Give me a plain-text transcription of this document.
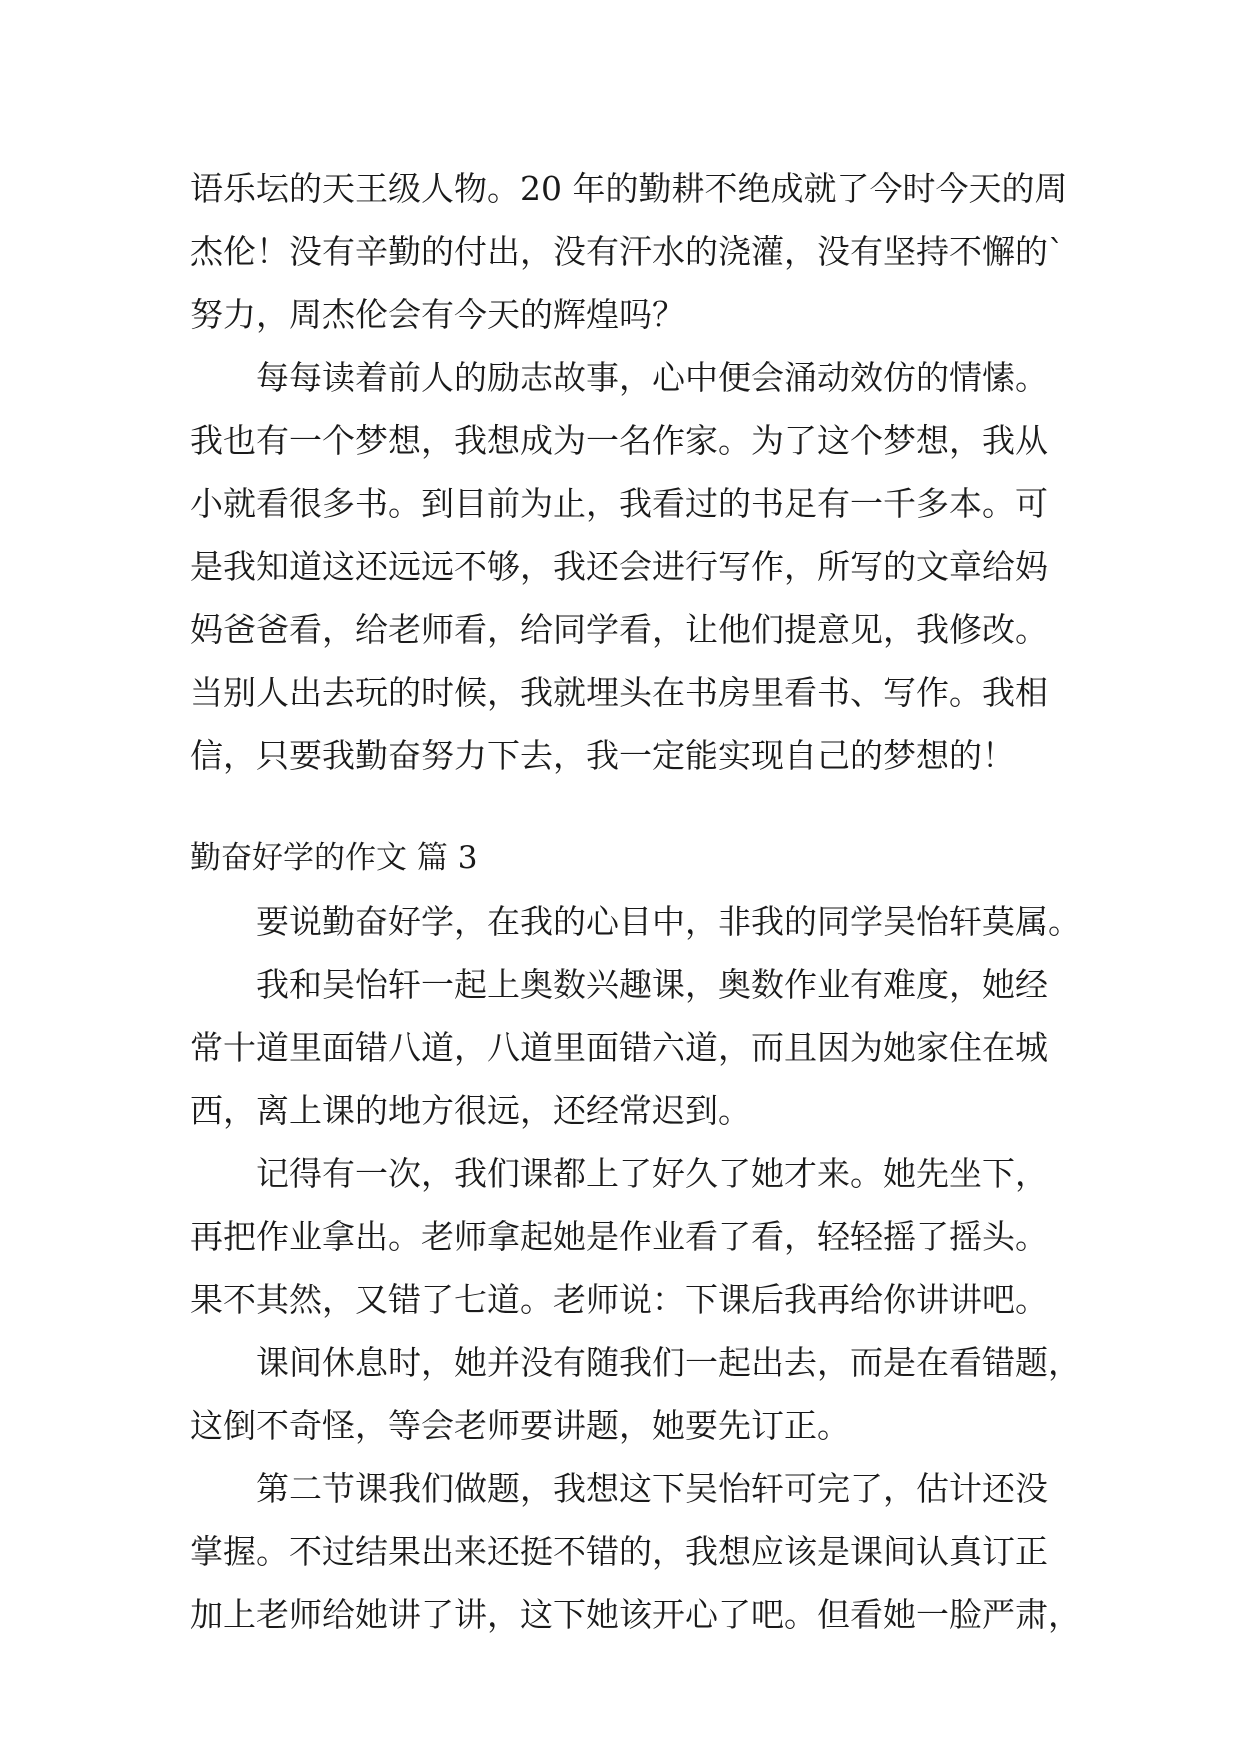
语乐坛的天王级人物。20 年的勤耕不绝成就了今时今天的周
杰伦！没有辛勤的付出，没有汗水的浇灌，没有坚持不懈的`
努力，周杰伦会有今天的辉煌吗？
每每读着前人的励志故事，心中便会涌动效仿的情愫。
我也有一个梦想，我想成为一名作家。为了这个梦想，我从
小就看很多书。到目前为止，我看过的书足有一千多本。可
是我知道这还远远不够，我还会进行写作，所写的文章给妈
妈爸爸看，给老师看，给同学看，让他们提意见，我修改。
当别人出去玩的时候，我就埋头在书房里看书、写作。我相
信，只要我勤奋努力下去，我一定能实现自己的梦想的！
勤奋好学的作文 篇 3
要说勤奋好学，在我的心目中，非我的同学吴怡轩莫属。
我和吴怡轩一起上奥数兴趣课，奥数作业有难度，她经
常十道里面错八道，八道里面错六道，而且因为她家住在城
西，离上课的地方很远，还经常迟到。
记得有一次，我们课都上了好久了她才来。她先坐下，
再把作业拿出。老师拿起她是作业看了看，轻轻摇了摇头。
果不其然，又错了七道。老师说：下课后我再给你讲讲吧。
课间休息时，她并没有随我们一起出去，而是在看错题，
这倒不奇怪，等会老师要讲题，她要先订正。
第二节课我们做题，我想这下吴怡轩可完了，估计还没
掌握。不过结果出来还挺不错的，我想应该是课间认真订正
加上老师给她讲了讲，这下她该开心了吧。但看她一脸严肃，
